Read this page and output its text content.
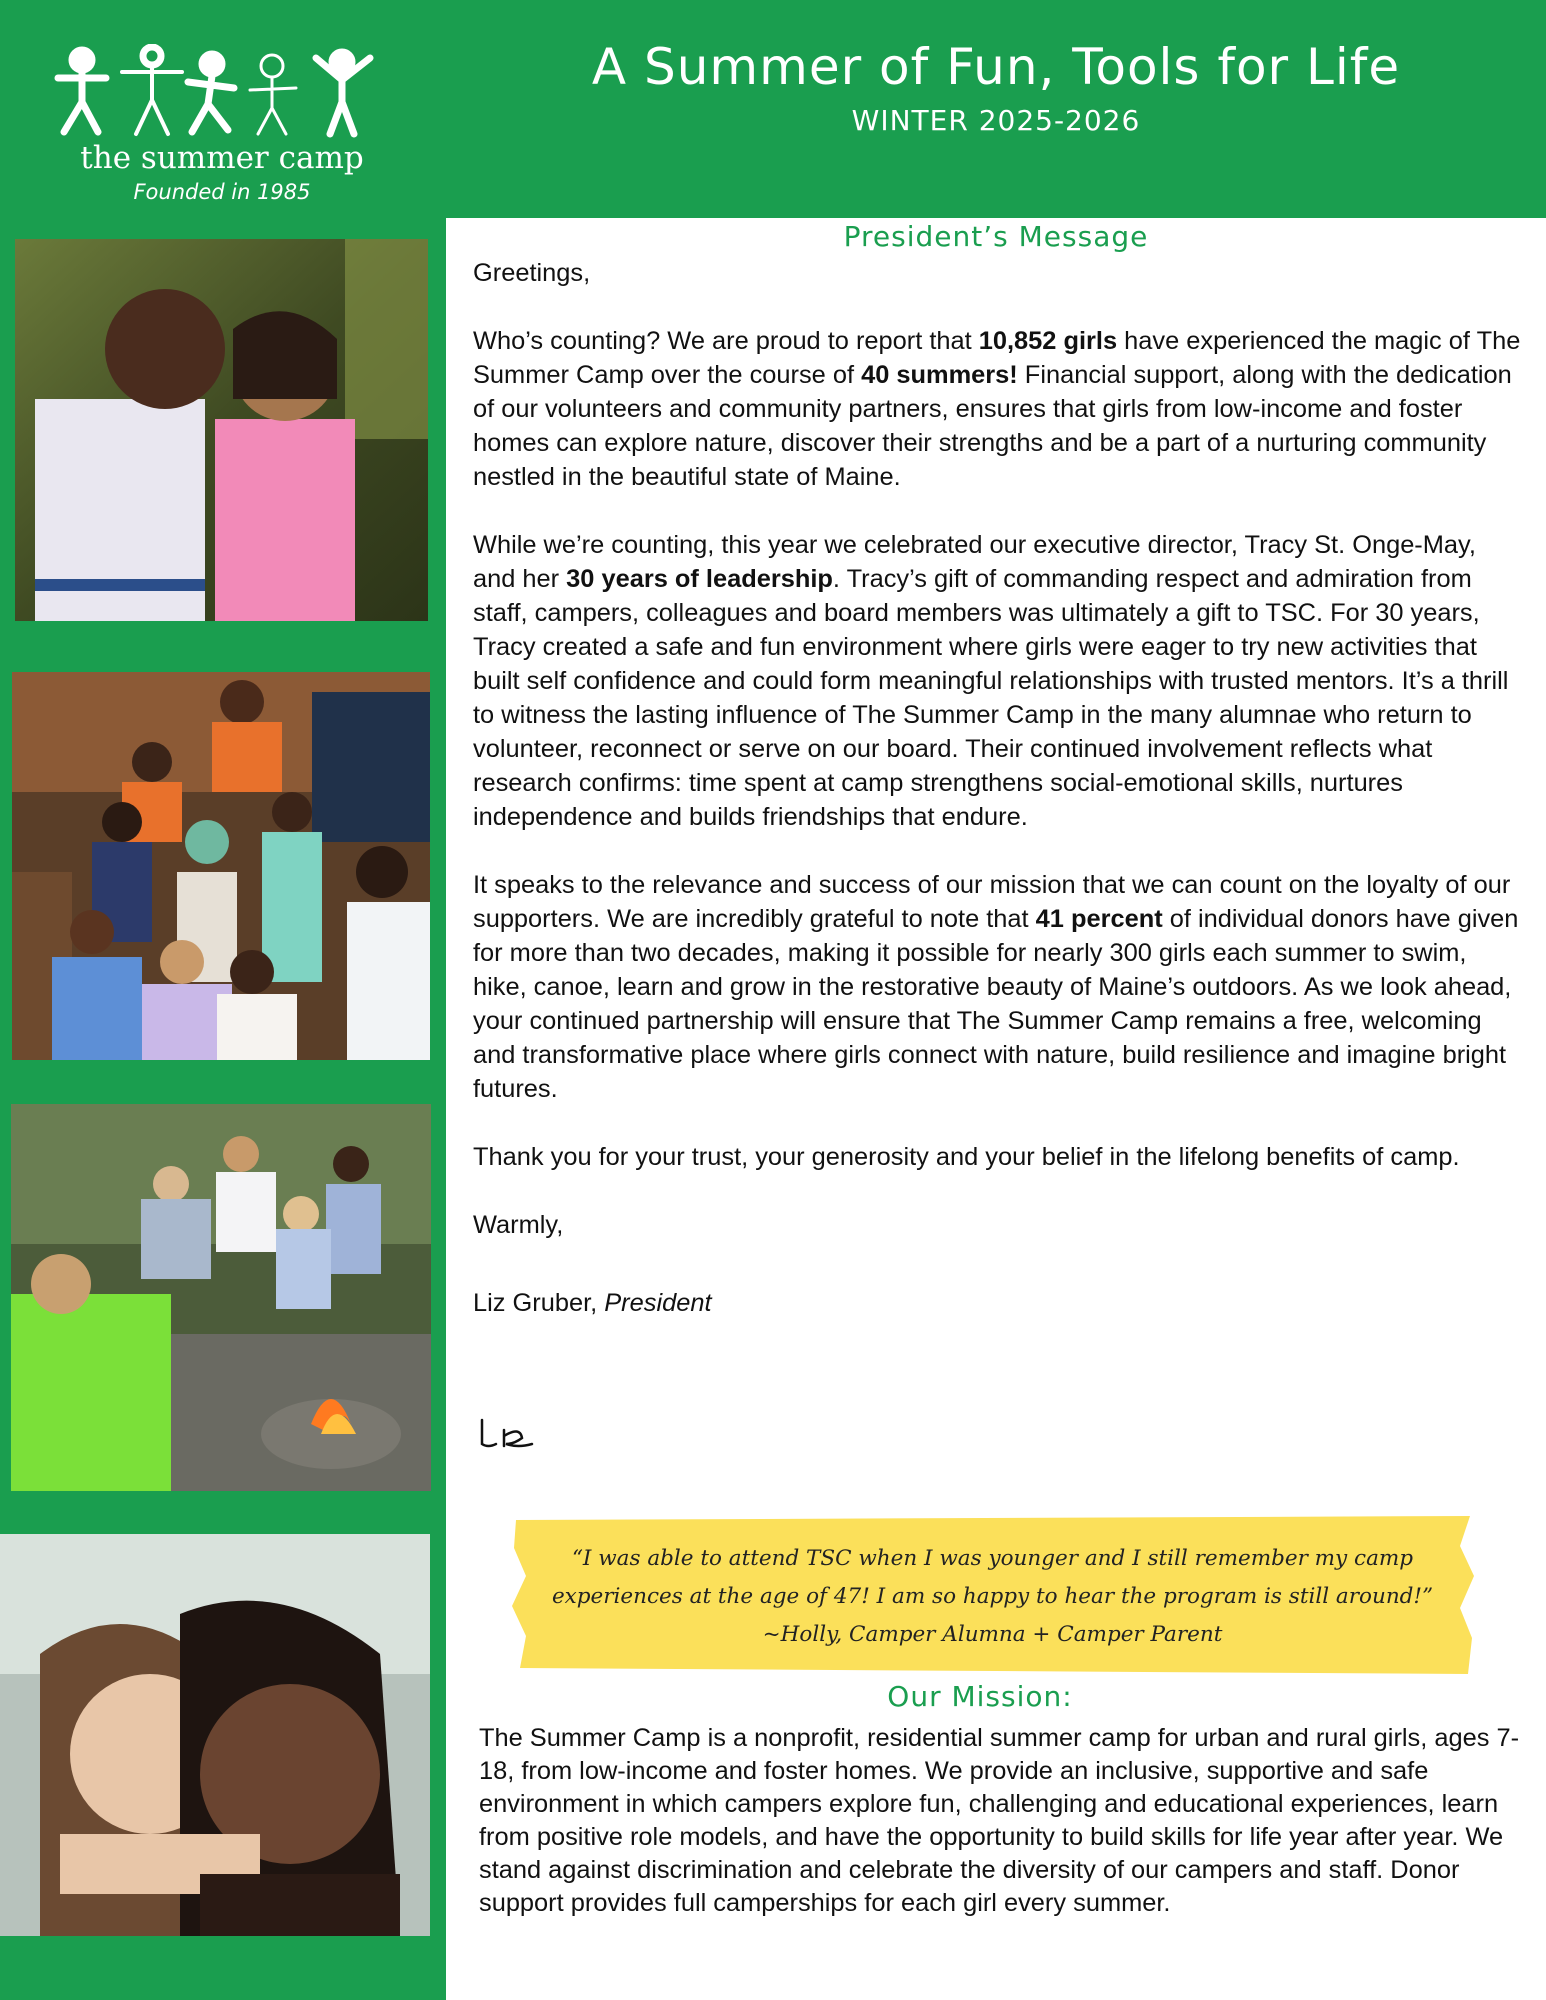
the summer camp
Founded in 1985
A Summer of Fun, Tools for Life
WINTER 2025-2026
President’s Message

Greetings,

Who’s counting? We are proud to report that 10,852 girls have experienced the magic of The Summer Camp over the course of 40 summers! Financial support, along with the dedication of our volunteers and community partners, ensures that girls from low-income and foster homes can explore nature, discover their strengths and be a part of a nurturing community nestled in the beautiful state of Maine.

While we’re counting, this year we celebrated our executive director, Tracy St. Onge-May, and her 30 years of leadership. Tracy’s gift of commanding respect and admiration from staff, campers, colleagues and board members was ultimately a gift to TSC. For 30 years, Tracy created a safe and fun environment where girls were eager to try new activities that built self confidence and could form meaningful relationships with trusted mentors. It’s a thrill to witness the lasting influence of The Summer Camp in the many alumnae who return to volunteer, reconnect or serve on our board. Their continued involvement reflects what research confirms: time spent at camp strengthens social-emotional skills, nurtures independence and builds friendships that endure.

It speaks to the relevance and success of our mission that we can count on the loyalty of our supporters. We are incredibly grateful to note that 41 percent of individual donors have given for more than two decades, making it possible for nearly 300 girls each summer to swim, hike, canoe, learn and grow in the restorative beauty of Maine’s outdoors. As we look ahead, your continued partnership will ensure that The Summer Camp remains a free, welcoming and transformative place where girls connect with nature, build resilience and imagine bright futures.

Thank you for your trust, your generosity and your belief in the lifelong benefits of camp.

Warmly,

Liz Gruber, President

“I was able to attend TSC when I was younger and I still remember my camp
experiences at the age of 47! I am so happy to hear the program is still around!”
~Holly, Camper Alumna + Camper Parent
Our Mission:
The Summer Camp is a nonprofit, residential summer camp for urban and rural girls, ages 7-18, from low-income and foster homes. We provide an inclusive, supportive and safe environment in which campers explore fun, challenging and educational experiences, learn from positive role models, and have the opportunity to build skills for life year after year. We stand against discrimination and celebrate the diversity of our campers and staff. Donor support provides full camperships for each girl every summer.
